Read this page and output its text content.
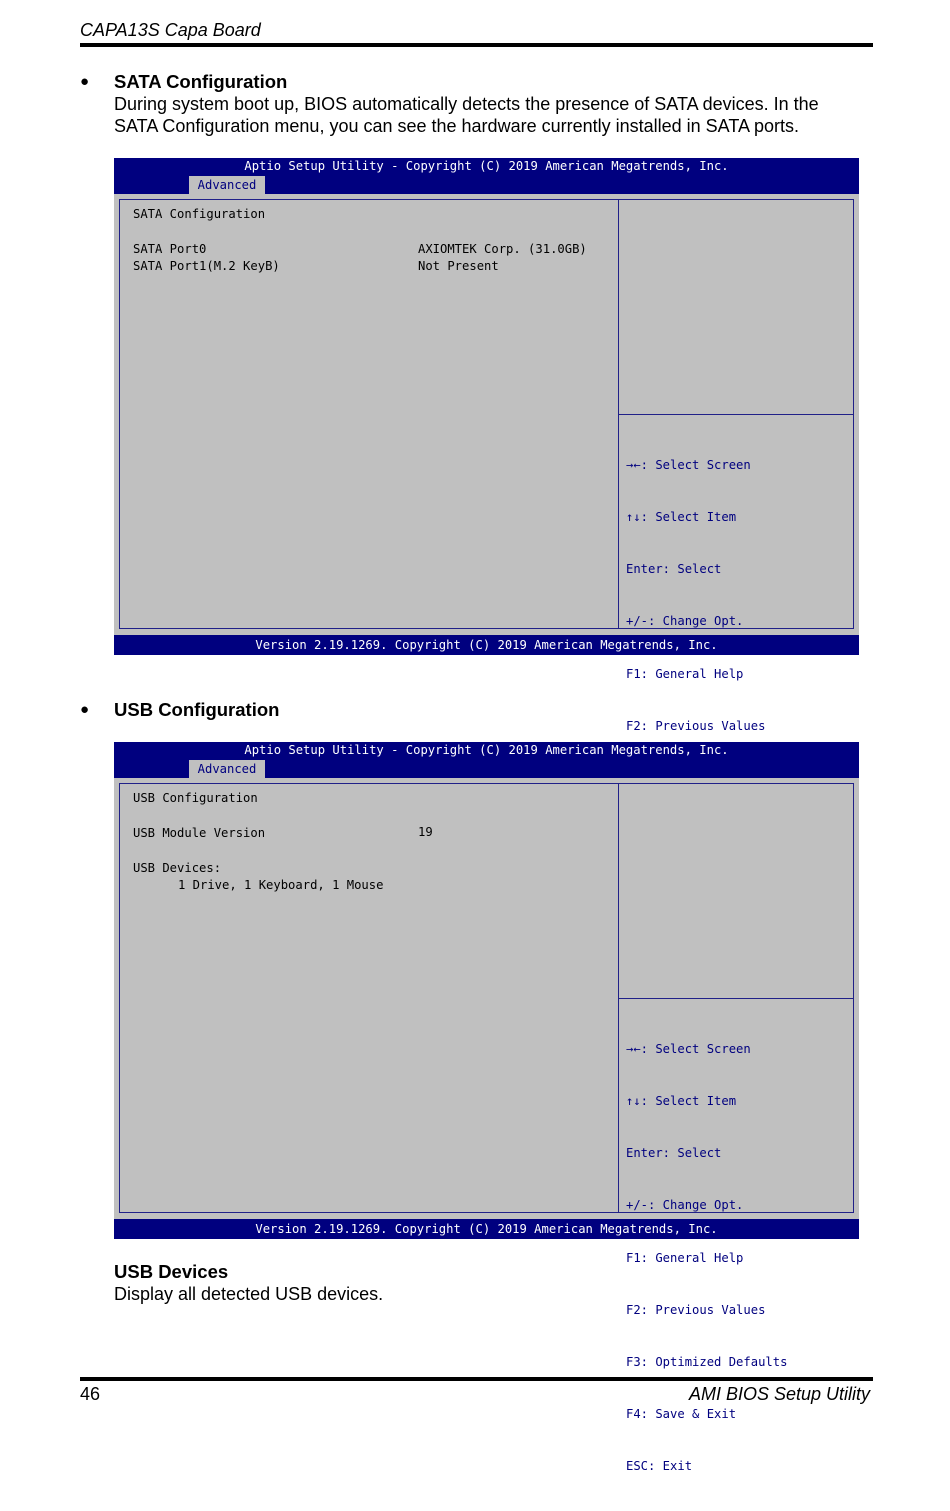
CAPA13S Capa Board
● SATA Configuration
During system boot up, BIOS automatically detects the presence of SATA devices. In the
SATA Configuration menu, you can see the hardware currently installed in SATA ports.
Aptio Setup Utility - Copyright (C) 2019 American Megatrends, Inc.
Advanced
SATA Configuration
SATA Port0	AXIOMTEK Corp. (31.0GB)
SATA Port1(M.2 KeyB)	Not Present

→←: Select Screen

↑↓: Select Item

Enter: Select

+/-: Change Opt.

F1: General Help

F2: Previous Values

Version 2.19.1269. Copyright (C) 2019 American Megatrends, Inc.
● USB Configuration
Aptio Setup Utility - Copyright (C) 2019 American Megatrends, Inc.
Advanced
USB Configuration
USB Module Version	19
USB Devices:
1 Drive, 1 Keyboard, 1 Mouse

→←: Select Screen

↑↓: Select Item

Enter: Select

+/-: Change Opt.

F1: General Help

F2: Previous Values

F3: Optimized Defaults

F4: Save & Exit

ESC: Exit

Version 2.19.1269. Copyright (C) 2019 American Megatrends, Inc.
USB Devices
Display all detected USB devices.
46	AMI BIOS Setup Utility
